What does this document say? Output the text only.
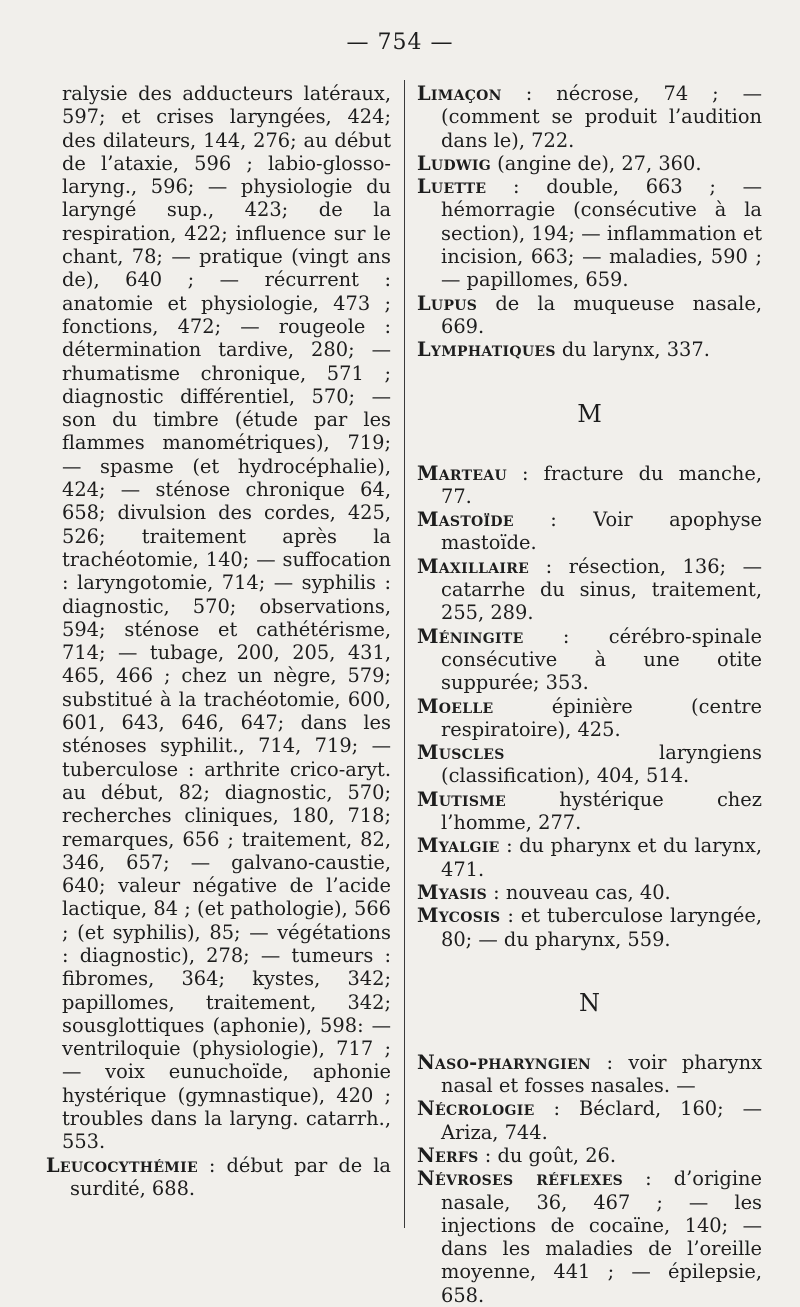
— 754 —

ralysie des adducteurs latéraux, 597; et crises laryngées, 424; des dilateurs, 144, 276; au début de l’ataxie, 596 ; labio-glosso-laryng., 596; — physiologie du laryngé sup., 423; de la respiration, 422; influence sur le chant, 78; — pratique (vingt ans de), 640 ; — récurrent : anatomie et physiologie, 473 ; fonctions, 472; — rougeole : détermination tardive, 280; — rhumatisme chronique, 571 ; diagnostic différentiel, 570; — son du timbre (étude par les flammes manométriques), 719; — spasme (et hydrocéphalie), 424; — sténose chronique 64, 658; divulsion des cordes, 425, 526; traitement après la trachéotomie, 140; — suffocation : laryngotomie, 714; — syphilis : diagnostic, 570; observations, 594; sténose et cathétérisme, 714; — tubage, 200, 205, 431, 465, 466 ; chez un nègre, 579; substitué à la trachéotomie, 600, 601, 643, 646, 647; dans les sténoses syphilit., 714, 719; — tuberculose : arthrite crico-aryt. au début, 82; diagnostic, 570; recherches cliniques, 180, 718; remarques, 656 ; traitement, 82, 346, 657; — galvano-caustie, 640; valeur négative de l’acide lactique, 84 ; (et pathologie), 566 ; (et syphilis), 85; — végétations : diagnostic), 278; — tumeurs : fibromes, 364; kystes, 342; papillomes, traitement, 342; sousglottiques (aphonie), 598: — ventriloquie (physiologie), 717 ; — voix eunuchoïde, aphonie hystérique (gymnastique), 420 ; troubles dans la laryng. catarrh., 553.

Leucocythémie : début par de la surdité, 688.

Limaçon : nécrose, 74 ; — (comment se produit l’audition dans le), 722.

Ludwig (angine de), 27, 360.

Luette : double, 663 ; — hémorragie (consécutive à la section), 194; — inflammation et incision, 663; — maladies, 590 ; — papillomes, 659.

Lupus de la muqueuse nasale, 669.

Lymphatiques du larynx, 337.

M

Marteau : fracture du manche, 77.

Mastoïde : Voir apophyse mastoïde.

Maxillaire : résection, 136; — catarrhe du sinus, traitement, 255, 289.

Méningite : cérébro-spinale consécutive à une otite suppurée; 353.

Moelle épinière (centre respiratoire), 425.

Muscles laryngiens (classification), 404, 514.

Mutisme hystérique chez l’homme, 277.

Myalgie : du pharynx et du larynx, 471.

Myasis : nouveau cas, 40.

Mycosis : et tuberculose laryngée, 80; — du pharynx, 559.

N

Naso-pharyngien : voir pharynx nasal et fosses nasales. —

Nécrologie : Béclard, 160; — Ariza, 744.

Nerfs : du goût, 26.

Névroses réflexes : d’origine nasale, 36, 467 ; — les injections de cocaïne, 140; — dans les maladies de l’oreille moyenne, 441 ; — épilepsie, 658.
